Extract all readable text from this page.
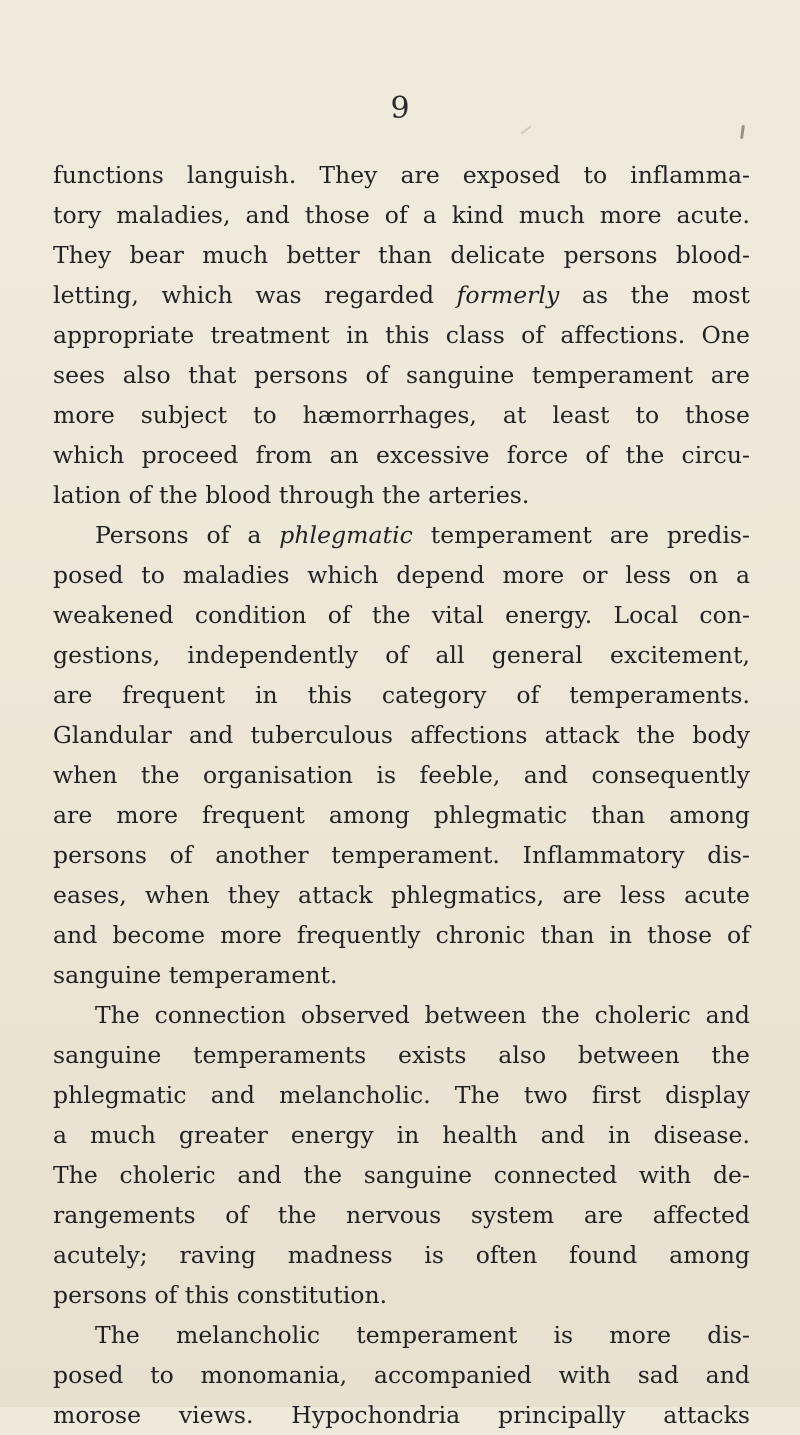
9
functions languish. They are exposed to inflamma-
tory maladies, and those of a kind much more acute.
They bear much better than delicate persons blood-
letting, which was regarded formerly as the most
appropriate treatment in this class of affections. One
sees also that persons of sanguine temperament are
more subject to hæmorrhages, at least to those
which proceed from an excessive force of the circu-
lation of the blood through the arteries.
Persons of a phlegmatic temperament are predis-
posed to maladies which depend more or less on a
weakened condition of the vital energy. Local con-
gestions, independently of all general excitement,
are frequent in this category of temperaments.
Glandular and tuberculous affections attack the body
when the organisation is feeble, and consequently
are more frequent among phlegmatic than among
persons of another temperament. Inflammatory dis-
eases, when they attack phlegmatics, are less acute
and become more frequently chronic than in those of
sanguine temperament.
The connection observed between the choleric and
sanguine temperaments exists also between the
phlegmatic and melancholic. The two first display
a much greater energy in health and in disease.
The choleric and the sanguine connected with de-
rangements of the nervous system are affected
acutely; raving madness is often found among
persons of this constitution.
The melancholic temperament is more dis-
posed to monomania, accompanied with sad and
morose views. Hypochondria principally attacks
